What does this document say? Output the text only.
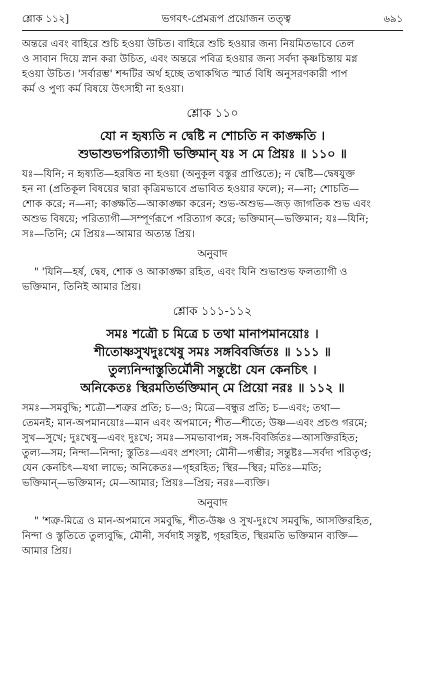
শ্লোক ১১২]	ভগবৎ-প্রেমরূপ প্রয়োজন তত্ত্ব	৬৯১

অন্তরে এবং বাহিরে শুচি হওয়া উচিত। বাহিরে শুচি হওয়ার জন্য নিয়মিতভাবে তেল

ও সাবান দিয়ে স্নান করা উচিত, এবং অন্তরে পবিত্র হওয়ার জন্য সর্বদা কৃষ্ণচিন্তায় মগ্ন

হওয়া উচিত। 'সর্বারম্ভ' শব্দটির অর্থ হচ্ছে তথাকথিত স্মার্ত বিধি অনুসরণকারী পাপ

কর্ম ও পুণ্য কর্ম বিষয়ে উৎসাহী না হওয়া।

শ্লোক ১১০

যো ন হৃষ্যতি ন দ্বেষ্টি ন শোচতি ন কাঙ্ক্ষতি ।

শুভাশুভপরিত্যাগী ভক্তিমান্ যঃ স মে প্রিয়ঃ ॥ ১১০ ॥

যঃ—যিনি; ন হৃষ্যতি—হরষিত না হওয়া (অনুকূল বস্তুর প্রাপ্তিতে); ন দ্বেষ্টি—দ্বেষযুক্ত

হন না (প্রতিকূল বিষয়ের দ্বারা কৃত্রিমভাবে প্রভাবিত হওয়ার ফলে); ন—না; শোচতি—

শোক করে; ন—না; কাঙ্ক্ষতি—আকাঙ্ক্ষা করেন; শুভ-অশুভ—জড় জাগতিক শুভ এবং

অশুভ বিষয়ে; পরিত্যাগী—সম্পূর্ণরূপে পরিত্যাগ করে; ভক্তিমান্—ভক্তিমান; যঃ—যিনি;

সঃ—তিনি; মে প্রিয়ঃ—আমার অত্যন্ত প্রিয়।

অনুবাদ

" 'যিনি—হর্ষ, দ্বেষ, শোক ও আকাঙ্ক্ষা রহিত, এবং যিনি শুভাশুভ ফলত্যাগী ও

ভক্তিমান, তিনিই আমার প্রিয়।

শ্লোক ১১১-১১২

সমঃ শত্রৌ চ মিত্রে চ তথা মানাপমানয়োঃ ।

শীতোষ্ণসুখদুঃখেষু সমঃ সঙ্গবিবর্জিতঃ ॥ ১১১ ॥

তুল্যনিন্দাস্তুতির্মৌনী সন্তুষ্টো যেন কেনচিৎ ।

অনিকেতঃ স্থিরমতির্ভক্তিমান্ মে প্রিয়ো নরঃ ॥ ১১২ ॥

সমঃ—সমবুদ্ধি; শত্রৌ—শত্রুর প্রতি; চ—ও; মিত্রে—বন্ধুর প্রতি; চ—এবং; তথা—

তেমনই; মান-অপমানয়োঃ—মান এবং অপমানে; শীত—শীতে; উষ্ণ—এবং প্রচণ্ড গরমে;

সুখ—সুখে; দুঃখেষু—এবং দুঃখে; সমঃ—সমভাবাপন্ন; সঙ্গ-বিবর্জিতঃ—আসক্তিরহিত;

তুল্য—সম; নিন্দা—নিন্দা; স্তুতিঃ—এবং প্রশংসা; মৌনী—গম্ভীর; সন্তুষ্টঃ—সর্বদা পরিতৃপ্ত;

যেন কেনচিৎ—যথা লাভে; অনিকেতঃ—গৃহরহিত; স্থির—স্থির; মতিঃ—মতি;

ভক্তিমান্—ভক্তিমান; মে—আমার; প্রিয়ঃ—প্রিয়; নরঃ—ব্যক্তি।

অনুবাদ

" 'শত্রু-মিত্রে ও মান-অপমানে সমবুদ্ধি, শীত-উষ্ণ ও সুখ-দুঃখে সমবুদ্ধি, আসক্তিরহিত,

নিন্দা ও স্তুতিতে তুল্যবুদ্ধি, মৌনী, সর্বদাই সন্তুষ্ট, গৃহরহিত, স্থিরমতি ভক্তিমান ব্যক্তি—

আমার প্রিয়।
